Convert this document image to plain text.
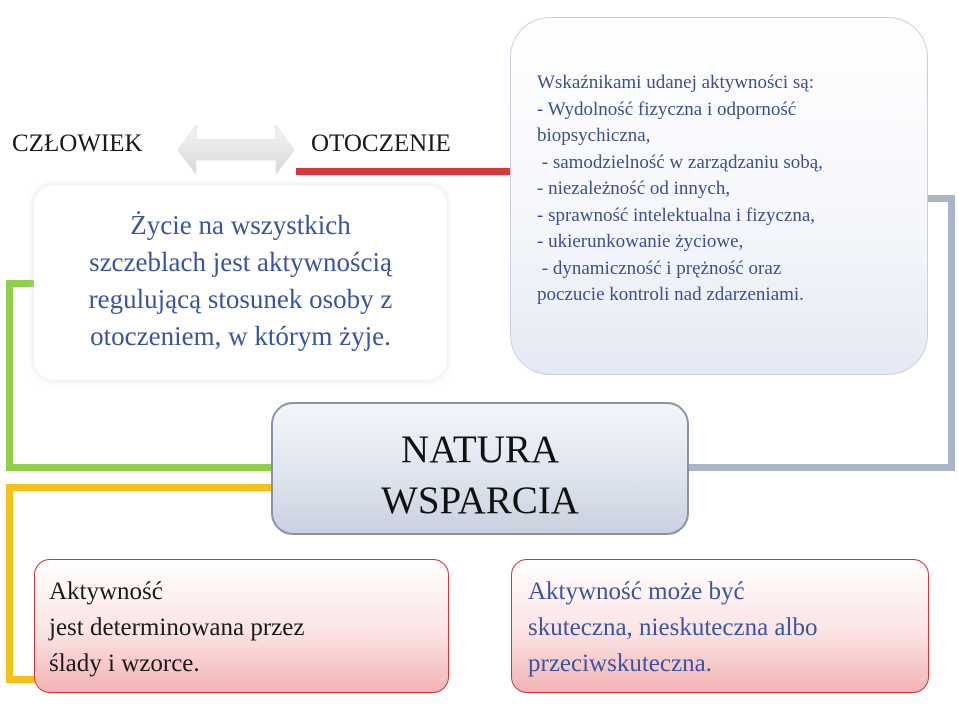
CZŁOWIEK	OTOCZENIE
Życie na wszystkich
szczeblach jest aktywnością
regulującą stosunek osoby z
otoczeniem, w którym żyje.
Wskaźnikami udanej aktywności są:
- Wydolność fizyczna i odporność
biopsychiczna,
- samodzielność w zarządzaniu sobą,
- niezależność od innych,
- sprawność intelektualna i fizyczna,
- ukierunkowanie życiowe,
- dynamiczność i prężność oraz
poczucie kontroli nad zdarzeniami.
NATURA
WSPARCIA
Aktywność
jest determinowana przez
ślady i wzorce.
Aktywność może być
skuteczna, nieskuteczna albo
przeciwskuteczna.
